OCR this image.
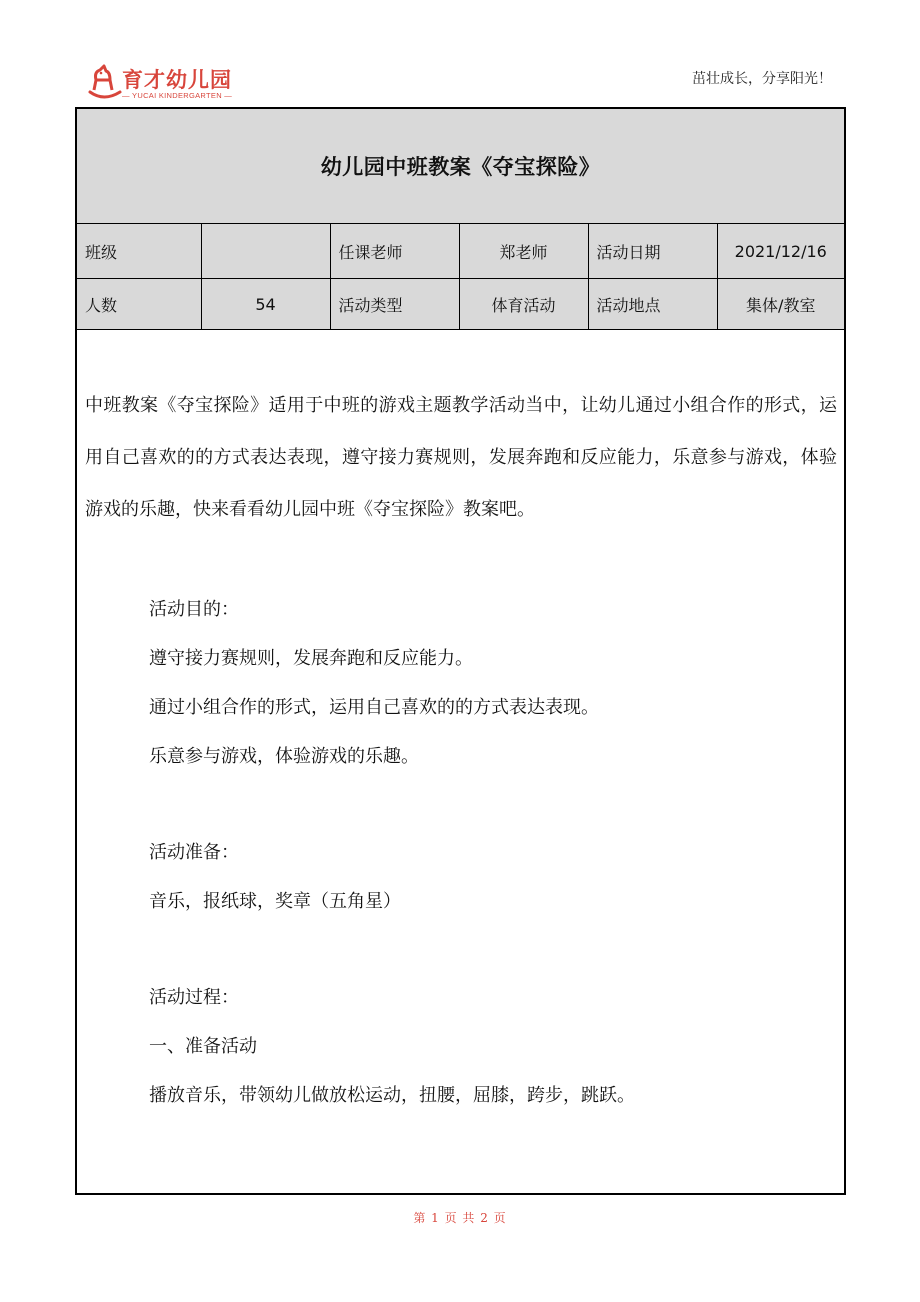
育才幼儿园
— YUCAI KINDERGARTEN —
茁壮成长，分享阳光！
幼儿园中班教案《夺宝探险》
班级		任课老师	郑老师	活动日期	2021/12/16
人数	54	活动类型	体育活动	活动地点	集体/教室

中班教案《夺宝探险》适用于中班的游戏主题教学活动当中，让幼儿通过小组合作的形式，运用自己喜欢的的方式表达表现，遵守接力赛规则，发展奔跑和反应能力，乐意参与游戏，体验游戏的乐趣，快来看看幼儿园中班《夺宝探险》教案吧。

活动目的：

遵守接力赛规则，发展奔跑和反应能力。

通过小组合作的形式，运用自己喜欢的的方式表达表现。

乐意参与游戏，体验游戏的乐趣。

活动准备：

音乐，报纸球，奖章（五角星）

活动过程：

一、准备活动

播放音乐，带领幼儿做放松运动，扭腰，屈膝，跨步，跳跃。

第 1 页 共 2 页
